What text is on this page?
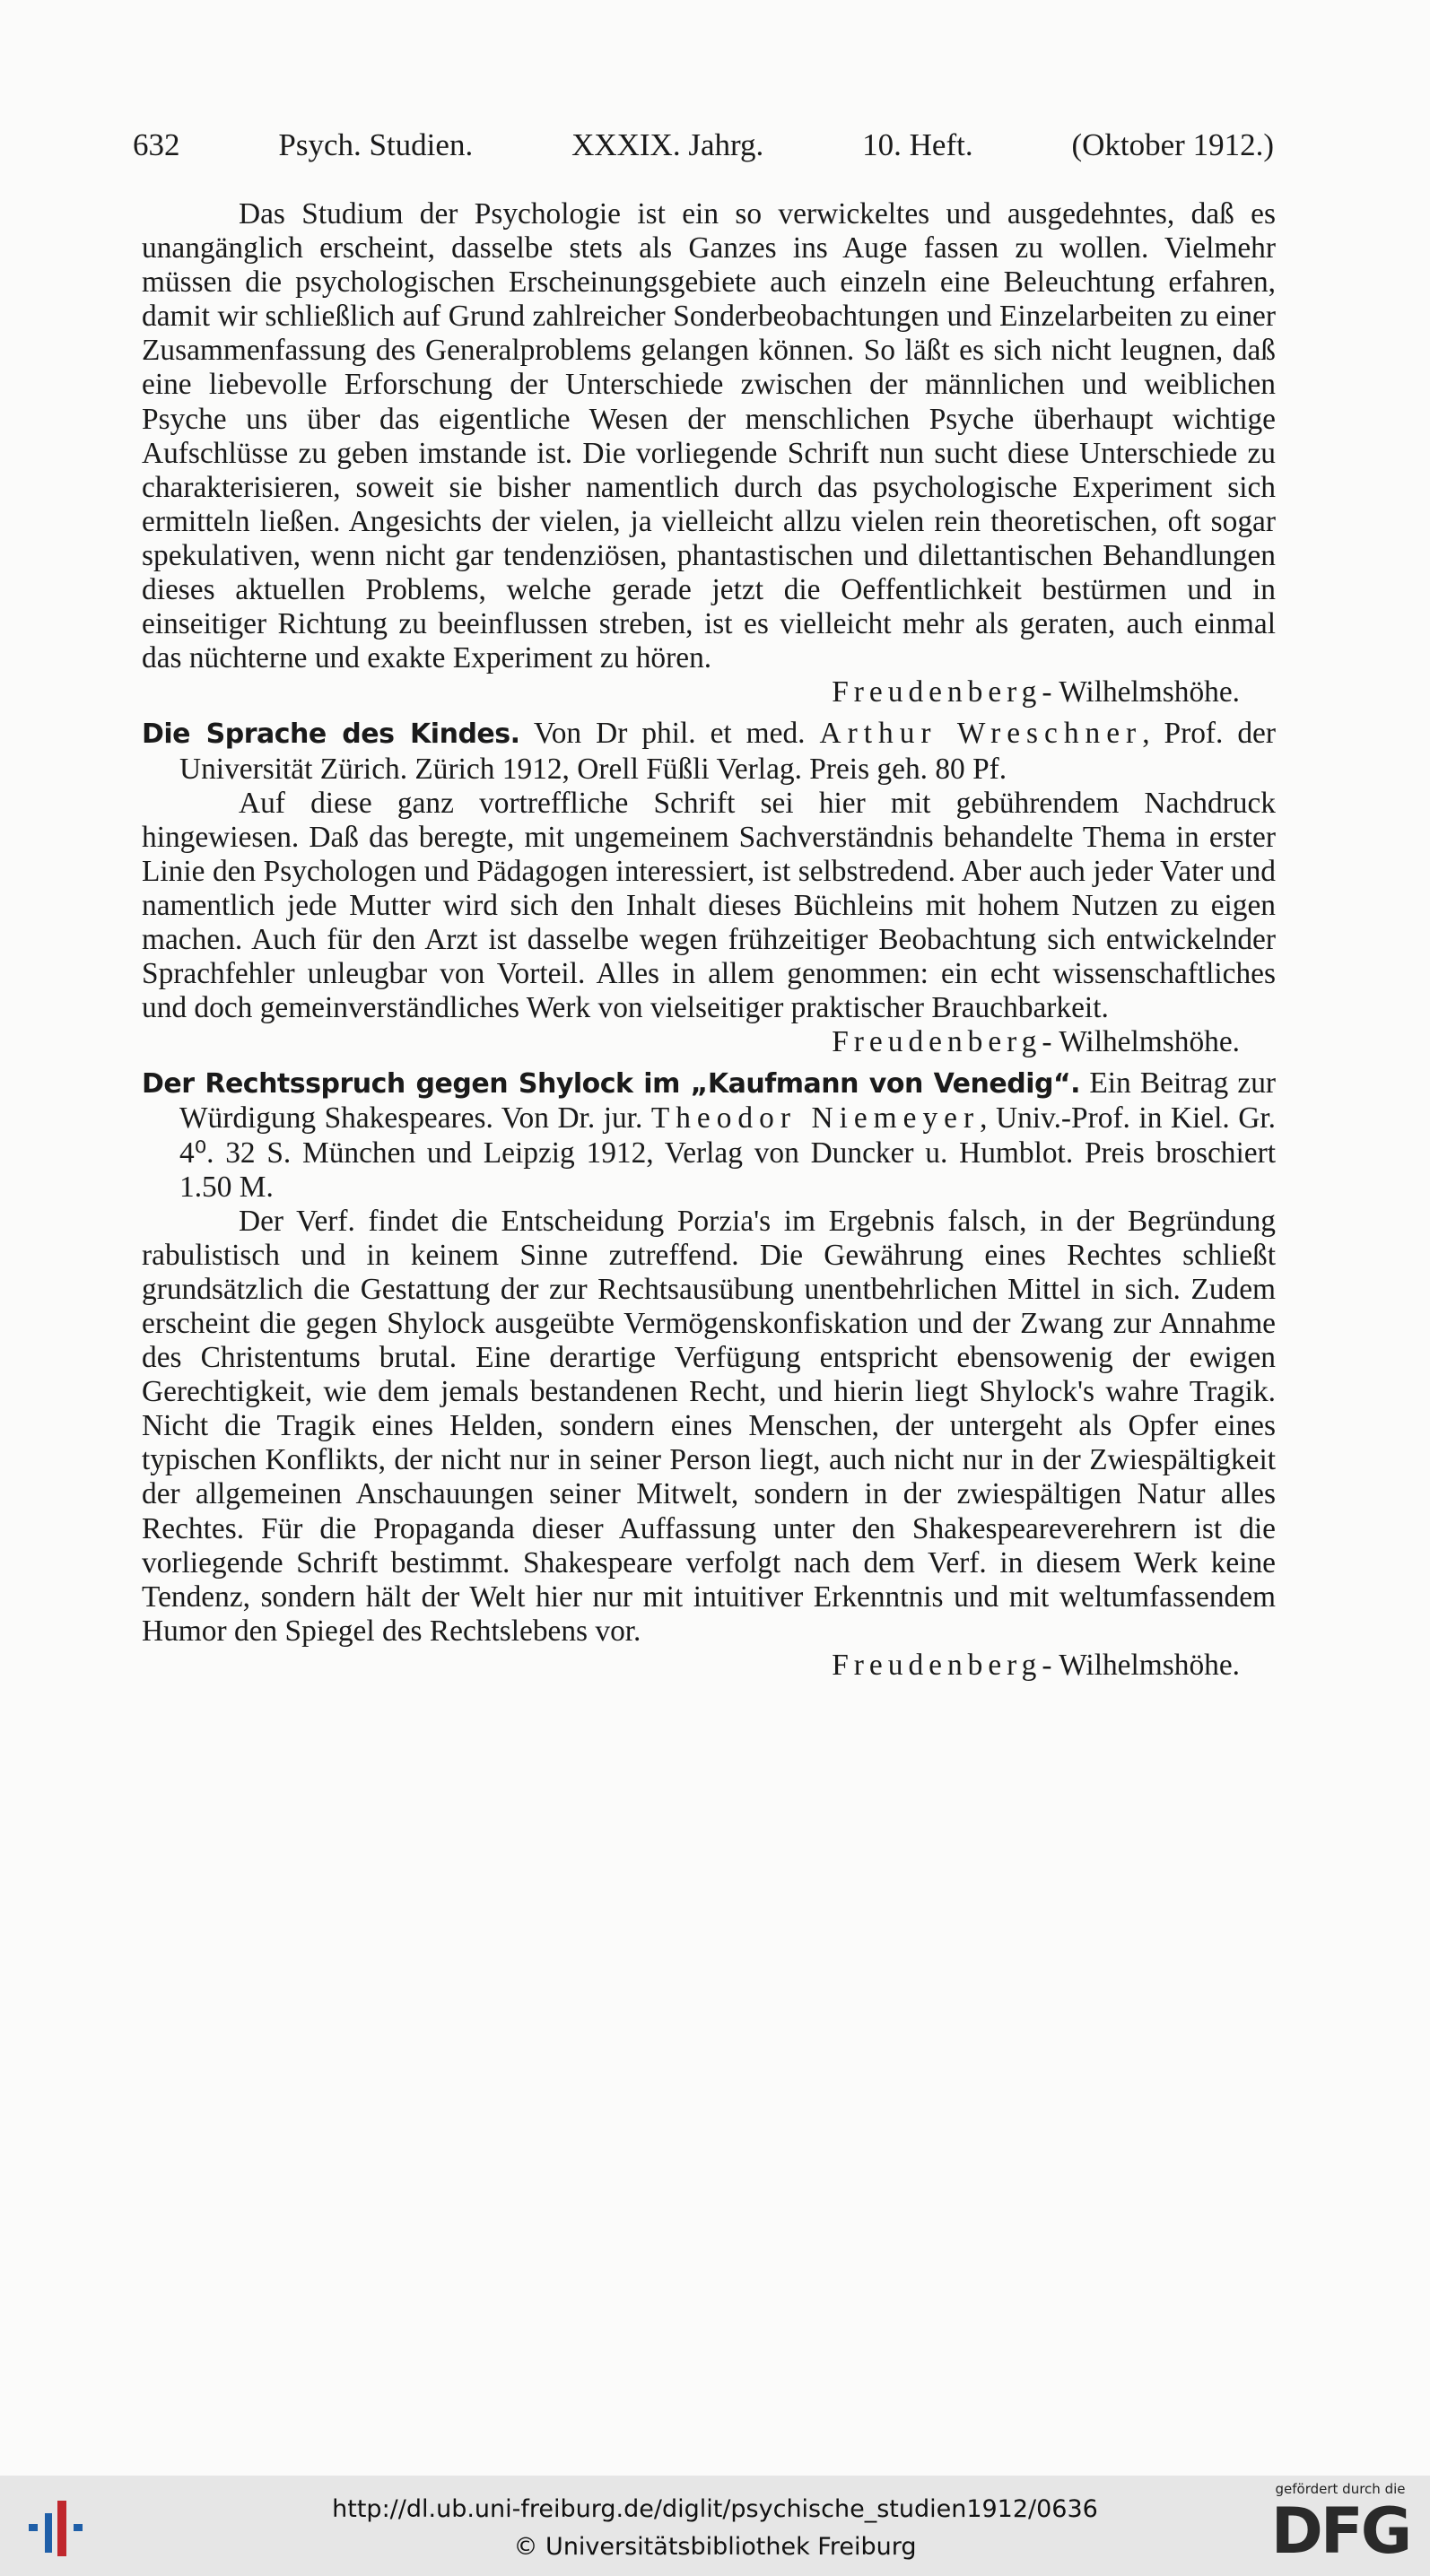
632	Psych. Studien.	XXXIX. Jahrg.	10. Heft.	(Oktober 1912.)

Das Studium der Psychologie ist ein so verwickeltes und ausgedehntes, daß es unangänglich erscheint, dasselbe stets als Ganzes ins Auge fassen zu wollen. Vielmehr müssen die psychologischen Erscheinungsgebiete auch einzeln eine Beleuchtung erfahren, damit wir schließlich auf Grund zahlreicher Sonderbeobachtungen und Einzelarbeiten zu einer Zusammenfassung des Generalproblems gelangen können. So läßt es sich nicht leugnen, daß eine liebevolle Erforschung der Unterschiede zwischen der männlichen und weiblichen Psyche uns über das eigentliche Wesen der menschlichen Psyche überhaupt wichtige Aufschlüsse zu geben imstande ist. Die vorliegende Schrift nun sucht diese Unterschiede zu charakterisieren, soweit sie bisher namentlich durch das psychologische Experiment sich ermitteln ließen. Angesichts der vielen, ja vielleicht allzu vielen rein theoretischen, oft sogar spekulativen, wenn nicht gar tendenziösen, phantastischen und dilettantischen Behandlungen dieses aktuellen Problems, welche gerade jetzt die Oeffentlichkeit bestürmen und in einseitiger Richtung zu beeinflussen streben, ist es vielleicht mehr als geraten, auch einmal das nüchterne und exakte Experiment zu hören.

Freudenberg- Wilhelmshöhe.

Die Sprache des Kindes. Von Dr phil. et med. Arthur Wreschner, Prof. der Universität Zürich. Zürich 1912, Orell Füßli Verlag. Preis geh. 80 Pf.

Auf diese ganz vortreffliche Schrift sei hier mit gebührendem Nachdruck hingewiesen. Daß das beregte, mit ungemeinem Sachverständnis behandelte Thema in erster Linie den Psychologen und Pädagogen interessiert, ist selbstredend. Aber auch jeder Vater und namentlich jede Mutter wird sich den Inhalt dieses Büchleins mit hohem Nutzen zu eigen machen. Auch für den Arzt ist dasselbe wegen frühzeitiger Beobachtung sich entwickelnder Sprachfehler unleugbar von Vorteil. Alles in allem genommen: ein echt wissenschaftliches und doch gemeinverständliches Werk von vielseitiger praktischer Brauchbarkeit.

Freudenberg- Wilhelmshöhe.

Der Rechtsspruch gegen Shylock im „Kaufmann von Venedig“. Ein Beitrag zur Würdigung Shakespeares. Von Dr. jur. Theodor Niemeyer, Univ.-Prof. in Kiel. Gr. 4⁰. 32 S. München und Leipzig 1912, Verlag von Duncker u. Humblot. Preis broschiert 1.50 M.

Der Verf. findet die Entscheidung Porzia's im Ergebnis falsch, in der Begründung rabulistisch und in keinem Sinne zutreffend. Die Gewährung eines Rechtes schließt grundsätzlich die Gestattung der zur Rechtsausübung unentbehrlichen Mittel in sich. Zudem erscheint die gegen Shylock ausgeübte Vermögenskonfiskation und der Zwang zur Annahme des Christentums brutal. Eine derartige Verfügung entspricht ebensowenig der ewigen Gerechtigkeit, wie dem jemals bestandenen Recht, und hierin liegt Shylock's wahre Tragik. Nicht die Tragik eines Helden, sondern eines Menschen, der untergeht als Opfer eines typischen Konflikts, der nicht nur in seiner Person liegt, auch nicht nur in der Zwiespältigkeit der allgemeinen Anschauungen seiner Mitwelt, sondern in der zwiespältigen Natur alles Rechtes. Für die Propaganda dieser Auffassung unter den Shakespeareverehrern ist die vorliegende Schrift bestimmt. Shakespeare verfolgt nach dem Verf. in diesem Werk keine Tendenz, sondern hält der Welt hier nur mit intuitiver Erkenntnis und mit weltumfassendem Humor den Spiegel des Rechtslebens vor.

Freudenberg- Wilhelmshöhe.

http://dl.ub.uni-freiburg.de/diglit/psychische_studien1912/0636
© Universitätsbibliothek Freiburg
gefördert durch die
DFG
